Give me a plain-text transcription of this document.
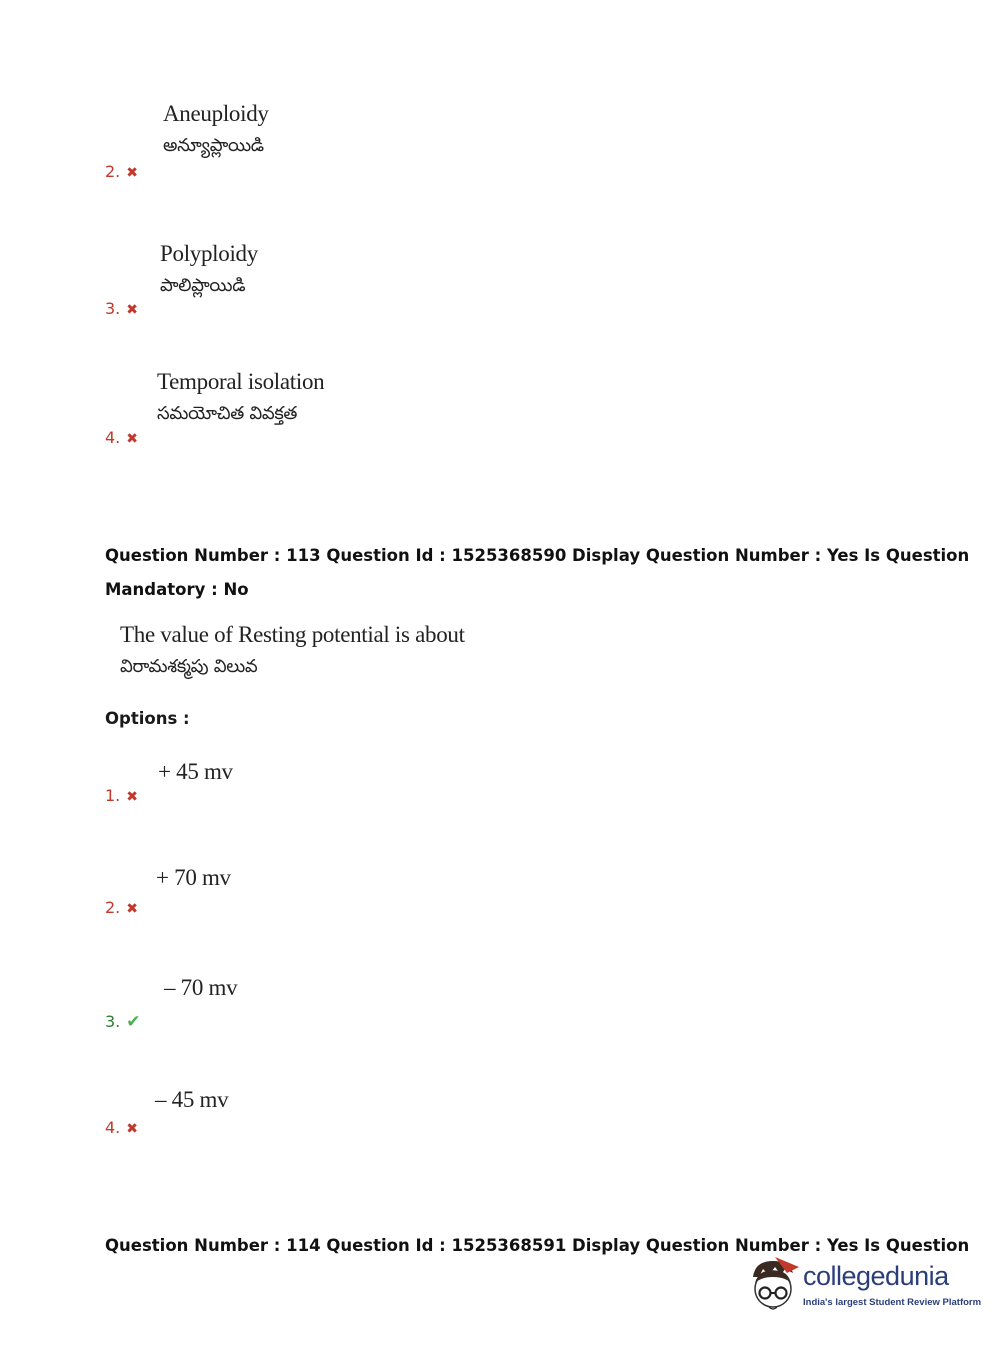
Aneuploidy
అన్యూప్లాయిడి
2. ✖
Polyploidy
పాలిప్లాయిడి
3. ✖
Temporal isolation
సమయోచిత వివక్తత
4. ✖
Question Number : 113 Question Id : 1525368590 Display Question Number : Yes Is Question
Mandatory : No
The value of Resting potential is about
విరామశక్మపు విలువ
Options :
+ 45 mv
1. ✖
+ 70 mv
2. ✖
– 70 mv
3. ✔
– 45 mv
4. ✖
Question Number : 114 Question Id : 1525368591 Display Question Number : Yes Is Question
collegedunia
India's largest Student Review Platform
